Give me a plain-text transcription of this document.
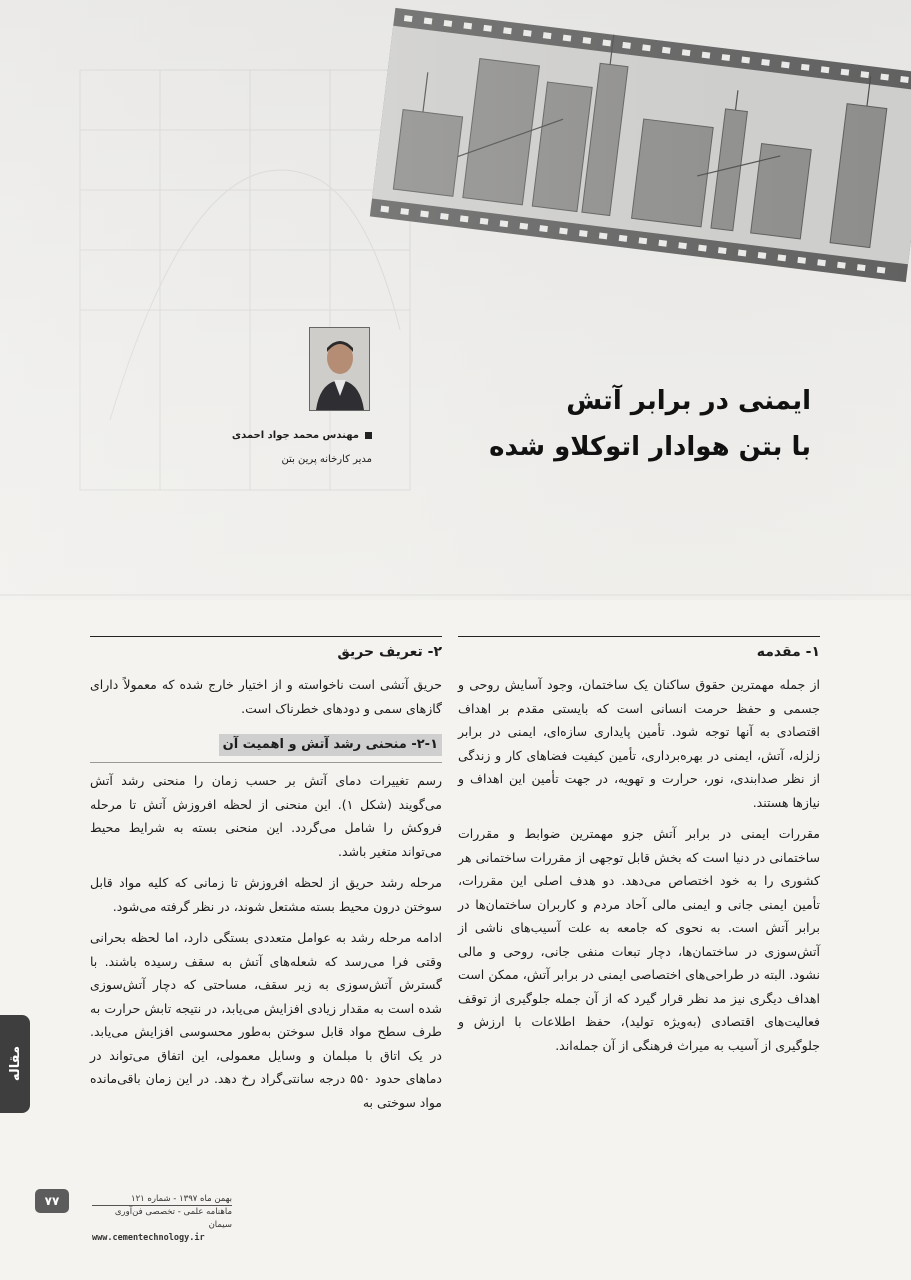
مهندس محمد جواد احمدی
مدیر کارخانه پرین بتن
ایمنی در برابر آتش
با بتن هوادار اتوکلاو شده
۱- مقدمه

از جمله مهمترین حقوق ساکنان یک ساختمان، وجود آسایش روحی و جسمی و حفظ حرمت انسانی است که بایستی مقدم بر اهداف اقتصادی به آنها توجه شود. تأمین پایداری سازه‌ای، ایمنی در برابر زلزله، آتش، ایمنی در بهره‌برداری، تأمین کیفیت فضاهای کار و زندگی از نظر صدابندی، نور، حرارت و تهویه، در جهت تأمین این اهداف و نیازها هستند.

مقررات ایمنی در برابر آتش جزو مهمترین ضوابط و مقررات ساختمانی در دنیا است که بخش قابل توجهی از مقررات ساختمانی هر کشوری را به خود اختصاص می‌دهد. دو هدف اصلی این مقررات، تأمین ایمنی جانی و ایمنی مالی آحاد مردم و کاربران ساختمان‌ها در برابر آتش است. به نحوی که جامعه به علت آسیب‌های ناشی از آتش‌سوزی در ساختمان‌ها، دچار تبعات منفی جانی، روحی و مالی نشود. البته در طراحی‌های اختصاصی ایمنی در برابر آتش، ممکن است اهداف دیگری نیز مد نظر قرار گیرد که از آن جمله جلوگیری از توقف فعالیت‌های اقتصادی (به‌ویژه تولید)، حفظ اطلاعات با ارزش و جلوگیری از آسیب به میراث فرهنگی از آن جمله‌اند.

۲- تعریف حریق

حریق آتشی است ناخواسته و از اختیار خارج شده که معمولاً دارای گازهای سمی و دودهای خطرناک است.

۲-۱- منحنی رشد آتش و اهمیت آن

رسم تغییرات دمای آتش بر حسب زمان را منحنی رشد آتش می‌گویند (شکل ۱). این منحنی از لحظه افروزش آتش تا مرحله فروکش را شامل می‌گردد. این منحنی بسته به شرایط محیط می‌تواند متغیر باشد.

مرحله رشد حریق از لحظه افروزش تا زمانی که کلیه مواد قابل سوختن درون محیط بسته مشتعل شوند، در نظر گرفته می‌شود.

ادامه مرحله رشد به عوامل متعددی بستگی دارد، اما لحظه بحرانی وقتی فرا می‌رسد که شعله‌های آتش به سقف رسیده باشند. با گسترش آتش‌سوزی به زیر سقف، مساحتی که دچار آتش‌سوزی شده است به مقدار زیادی افزایش می‌یابد، در نتیجه تابش حرارت به طرف سطح مواد قابل سوختن به‌طور محسوسی افزایش می‌یابد. در یک اتاق با مبلمان و وسایل معمولی، این اتفاق می‌تواند در دماهای حدود ۵۵۰ درجه سانتی‌گراد رخ دهد. در این زمان باقی‌مانده مواد سوختی به

مقاله
۷۷	بهمن ماه ۱۳۹۷ - شماره ۱۲۱
ماهنامه علمی - تخصصی فن‌آوری سیمان
www.cementechnology.ir
